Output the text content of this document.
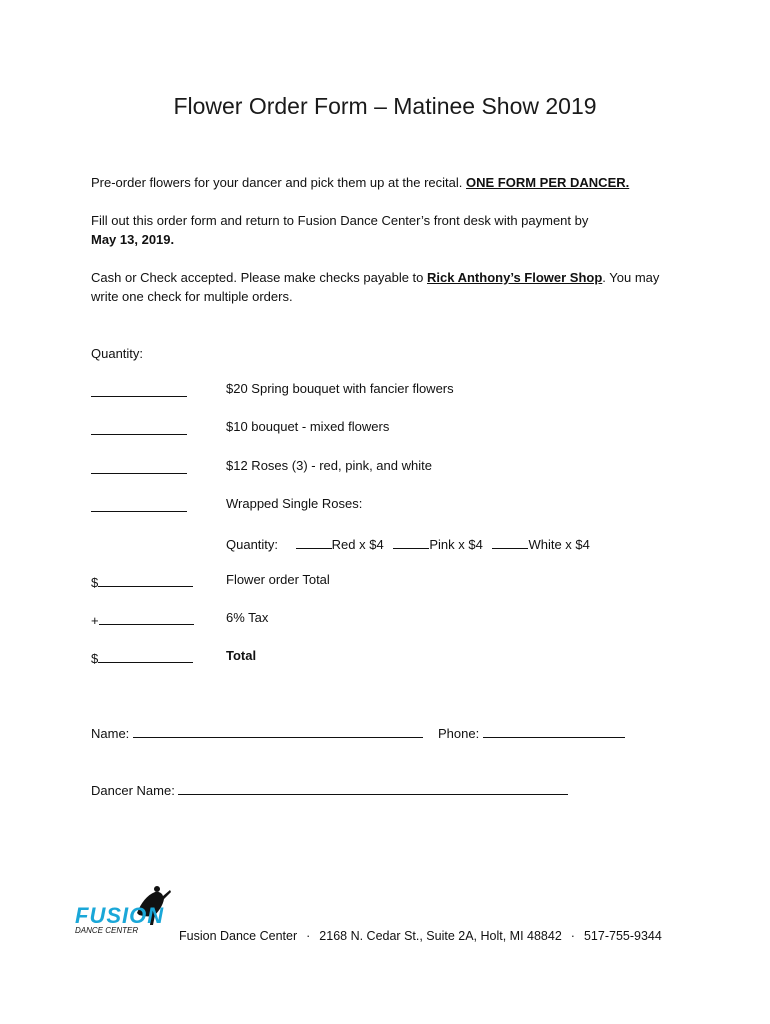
Flower Order Form – Matinee Show 2019
Pre-order flowers for your dancer and pick them up at the recital. ONE FORM PER DANCER.
Fill out this order form and return to Fusion Dance Center’s front desk with payment by
May 13, 2019.
Cash or Check accepted. Please make checks payable to Rick Anthony’s Flower Shop. You may
write one check for multiple orders.
Quantity:
$20 Spring bouquet with fancier flowers
$10 bouquet - mixed flowers
$12 Roses (3) - red, pink, and white
Wrapped Single Roses:
Quantity:	Red x $4	Pink x $4	White x $4
$	Flower order Total
+	6% Tax
$	Total
Name:	Phone:
Dancer Name:
FUSION
DANCE CENTER	Fusion Dance Center · 2168 N. Cedar St., Suite 2A, Holt, MI 48842 · 517-755-9344
